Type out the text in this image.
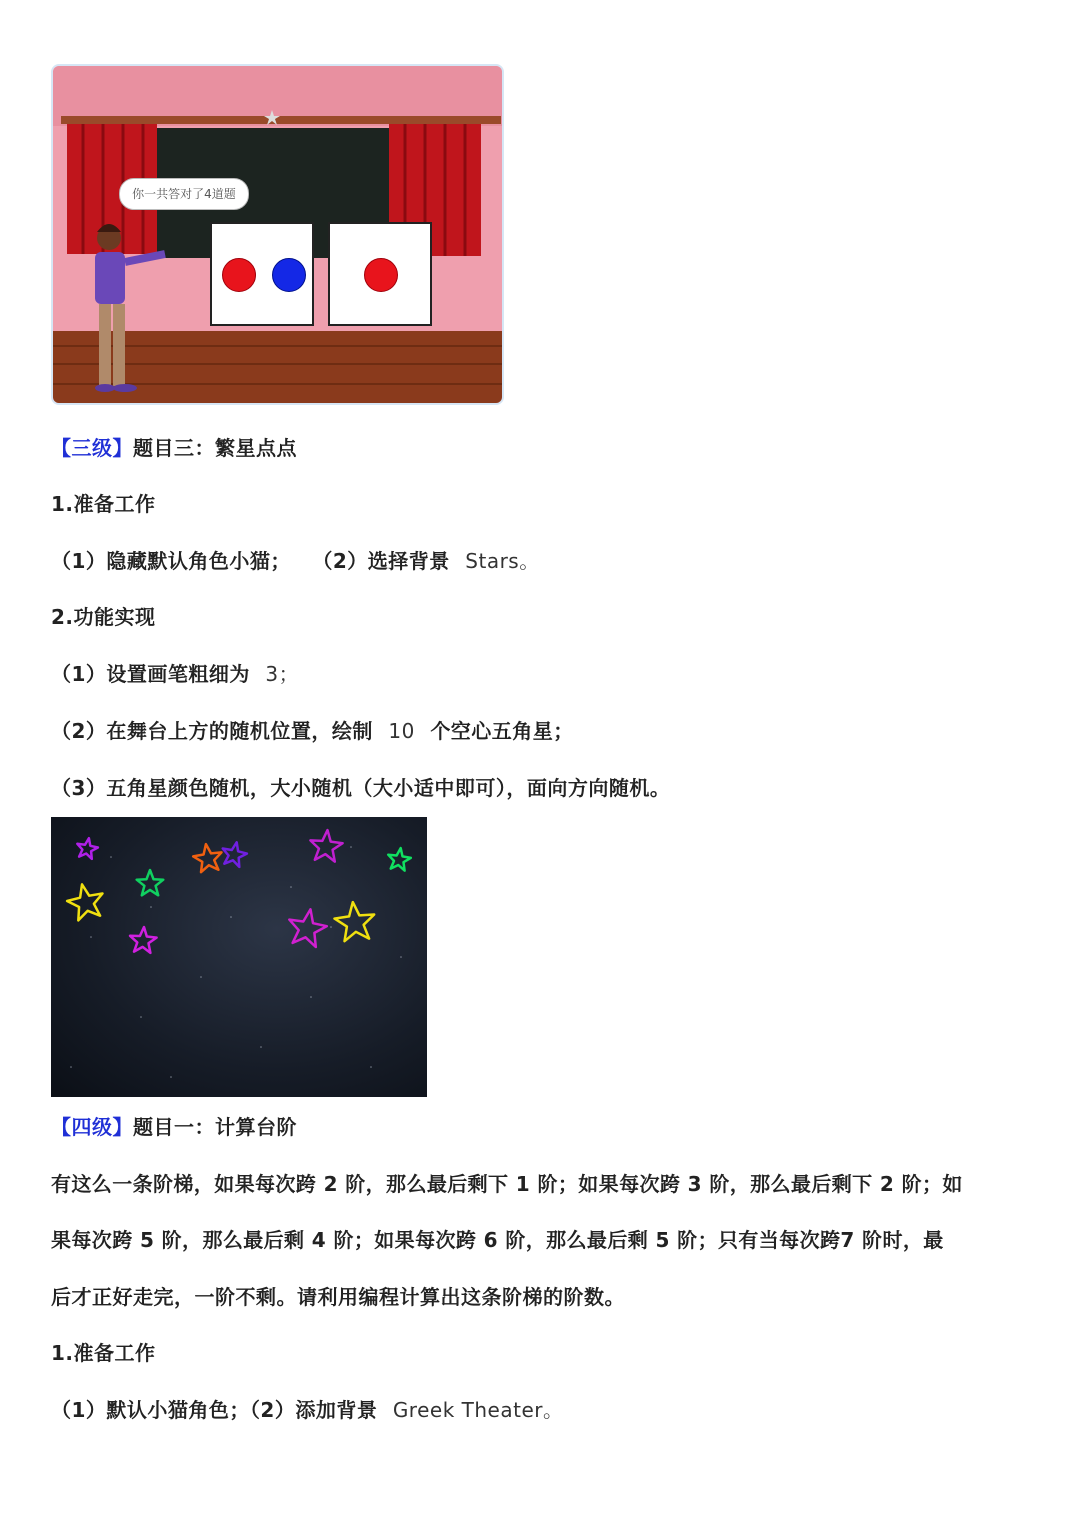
你一共答对了4道题
【三级】题目三：繁星点点
1.准备工作
（1）隐藏默认角色小猫； （2）选择背景 Stars。
2.功能实现
（1）设置画笔粗细为 3；
（2）在舞台上方的随机位置，绘制 10 个空心五角星；
（3）五角星颜色随机，大小随机（大小适中即可），面向方向随机。
【四级】题目一：计算台阶
有这么一条阶梯，如果每次跨 2 阶，那么最后剩下 1 阶；如果每次跨 3 阶，那么最后剩下 2 阶；如
果每次跨 5 阶，那么最后剩 4 阶；如果每次跨 6 阶，那么最后剩 5 阶；只有当每次跨7 阶时，最
后才正好走完，一阶不剩。请利用编程计算出这条阶梯的阶数。
1.准备工作
（1）默认小猫角色；（2）添加背景 Greek Theater。
